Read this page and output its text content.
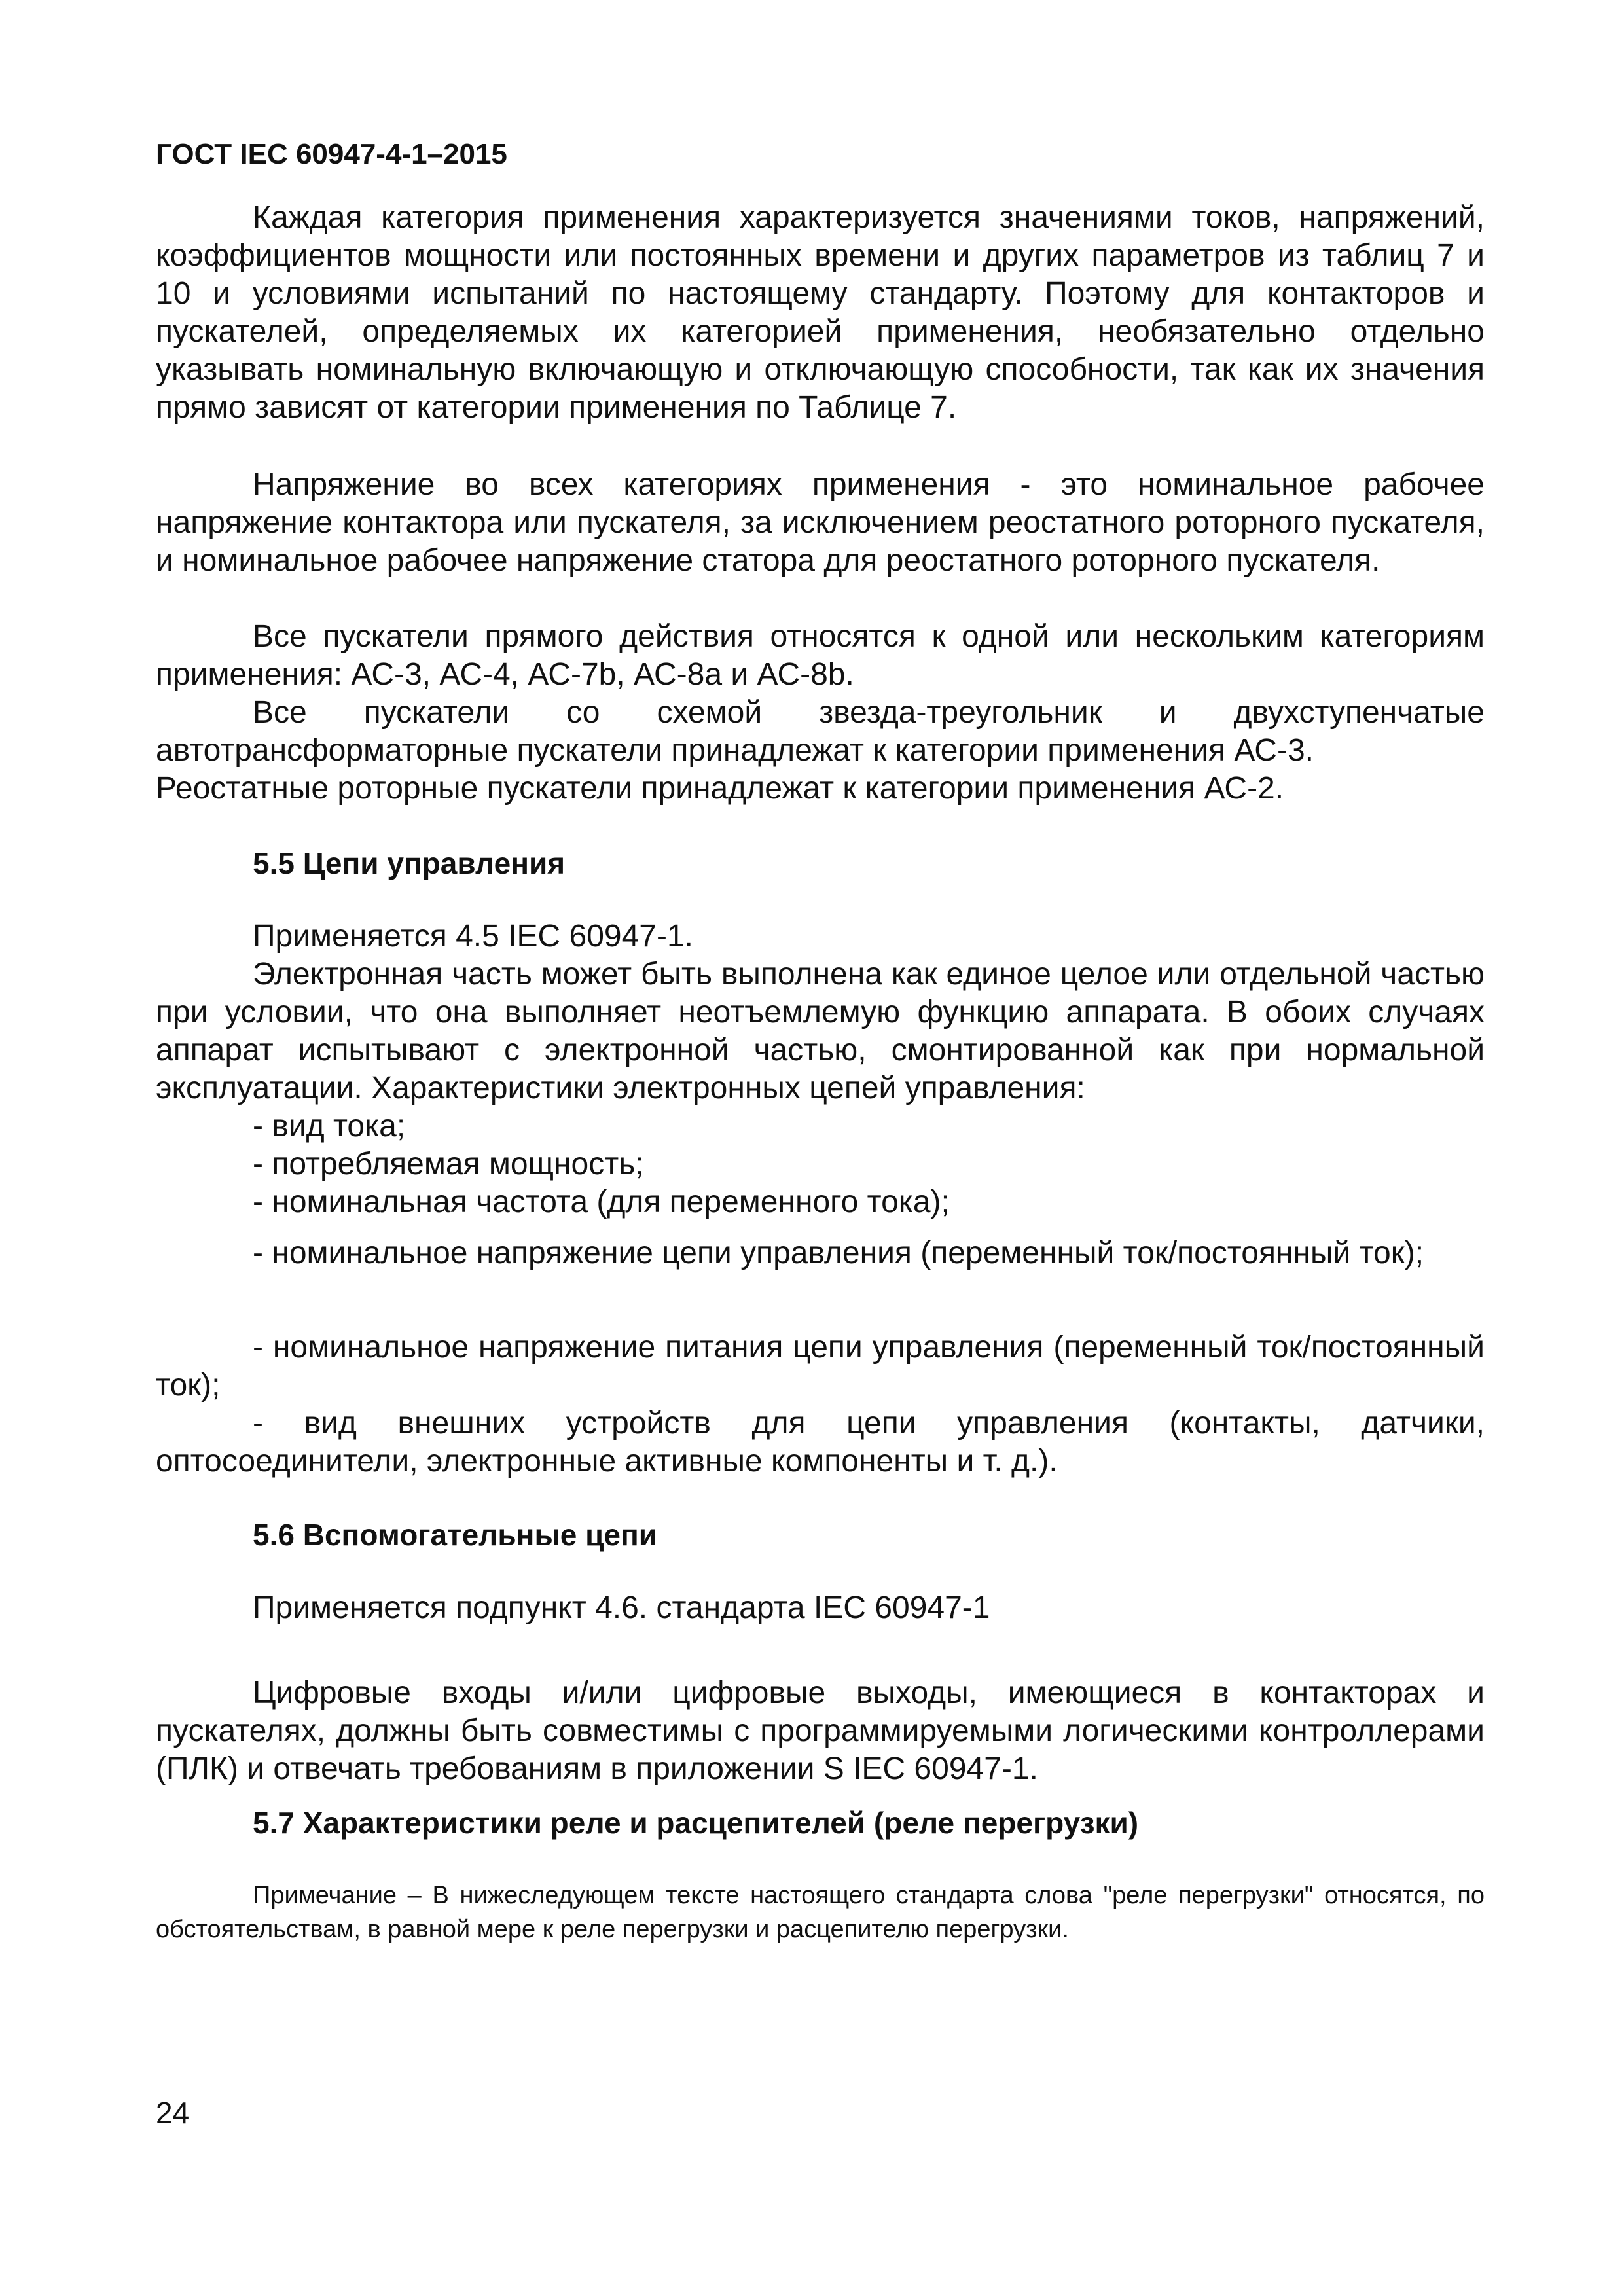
ГОСТ IEC 60947-4-1–2015

Каждая категория применения характеризуется значениями токов, напряжений, коэффициентов мощности или постоянных времени и других параметров из таблиц 7 и 10 и условиями испытаний по настоящему стандарту. Поэтому для контакторов и пускателей, определяемых их категорией применения, необязательно отдельно указывать номинальную включающую и отключающую способности, так как их значения прямо зависят от категории применения по Таблице 7.

Напряжение во всех категориях применения - это номинальное рабочее напряжение контактора или пускателя, за исключением реостатного роторного пускателя, и номинальное рабочее напряжение статора для реостатного роторного пускателя.

Все пускатели прямого действия относятся к одной или нескольким категориям применения: АС-3, АС-4, АС-7b, АС-8a и АС-8b.

Все пускатели со схемой звезда-треугольник и двухступенчатые автотрансформаторные пускатели принадлежат к категории применения АС-3.

Реостатные роторные пускатели принадлежат к категории применения АС-2.

5.5 Цепи управления

Применяется 4.5 IEC 60947-1.

Электронная часть может быть выполнена как единое целое или отдельной частью при условии, что она выполняет неотъемлемую функцию аппарата. В обоих случаях аппарат испытывают с электронной частью, смонтированной как при нормальной эксплуатации. Характеристики электронных цепей управления:

- вид тока;

- потребляемая мощность;

- номинальная частота (для переменного тока);

- номинальное напряжение цепи управления (переменный ток/постоянный ток);

- номинальное напряжение питания цепи управления (переменный ток/постоянный ток);

- вид внешних устройств для цепи управления (контакты, датчики, оптосоединители, электронные активные компоненты и т. д.).

5.6 Вспомогательные цепи

Применяется подпункт 4.6. стандарта IEC 60947-1

Цифровые входы и/или цифровые выходы, имеющиеся в контакторах и пускателях, должны быть совместимы с программируемыми логическими контроллерами (ПЛК) и отвечать требованиям в приложении S IEC 60947-1.

5.7 Характеристики реле и расцепителей (реле перегрузки)

Примечание – В нижеследующем тексте настоящего стандарта слова "реле перегрузки" относятся, по обстоятельствам, в равной мере к реле перегрузки и расцепителю перегрузки.

24
